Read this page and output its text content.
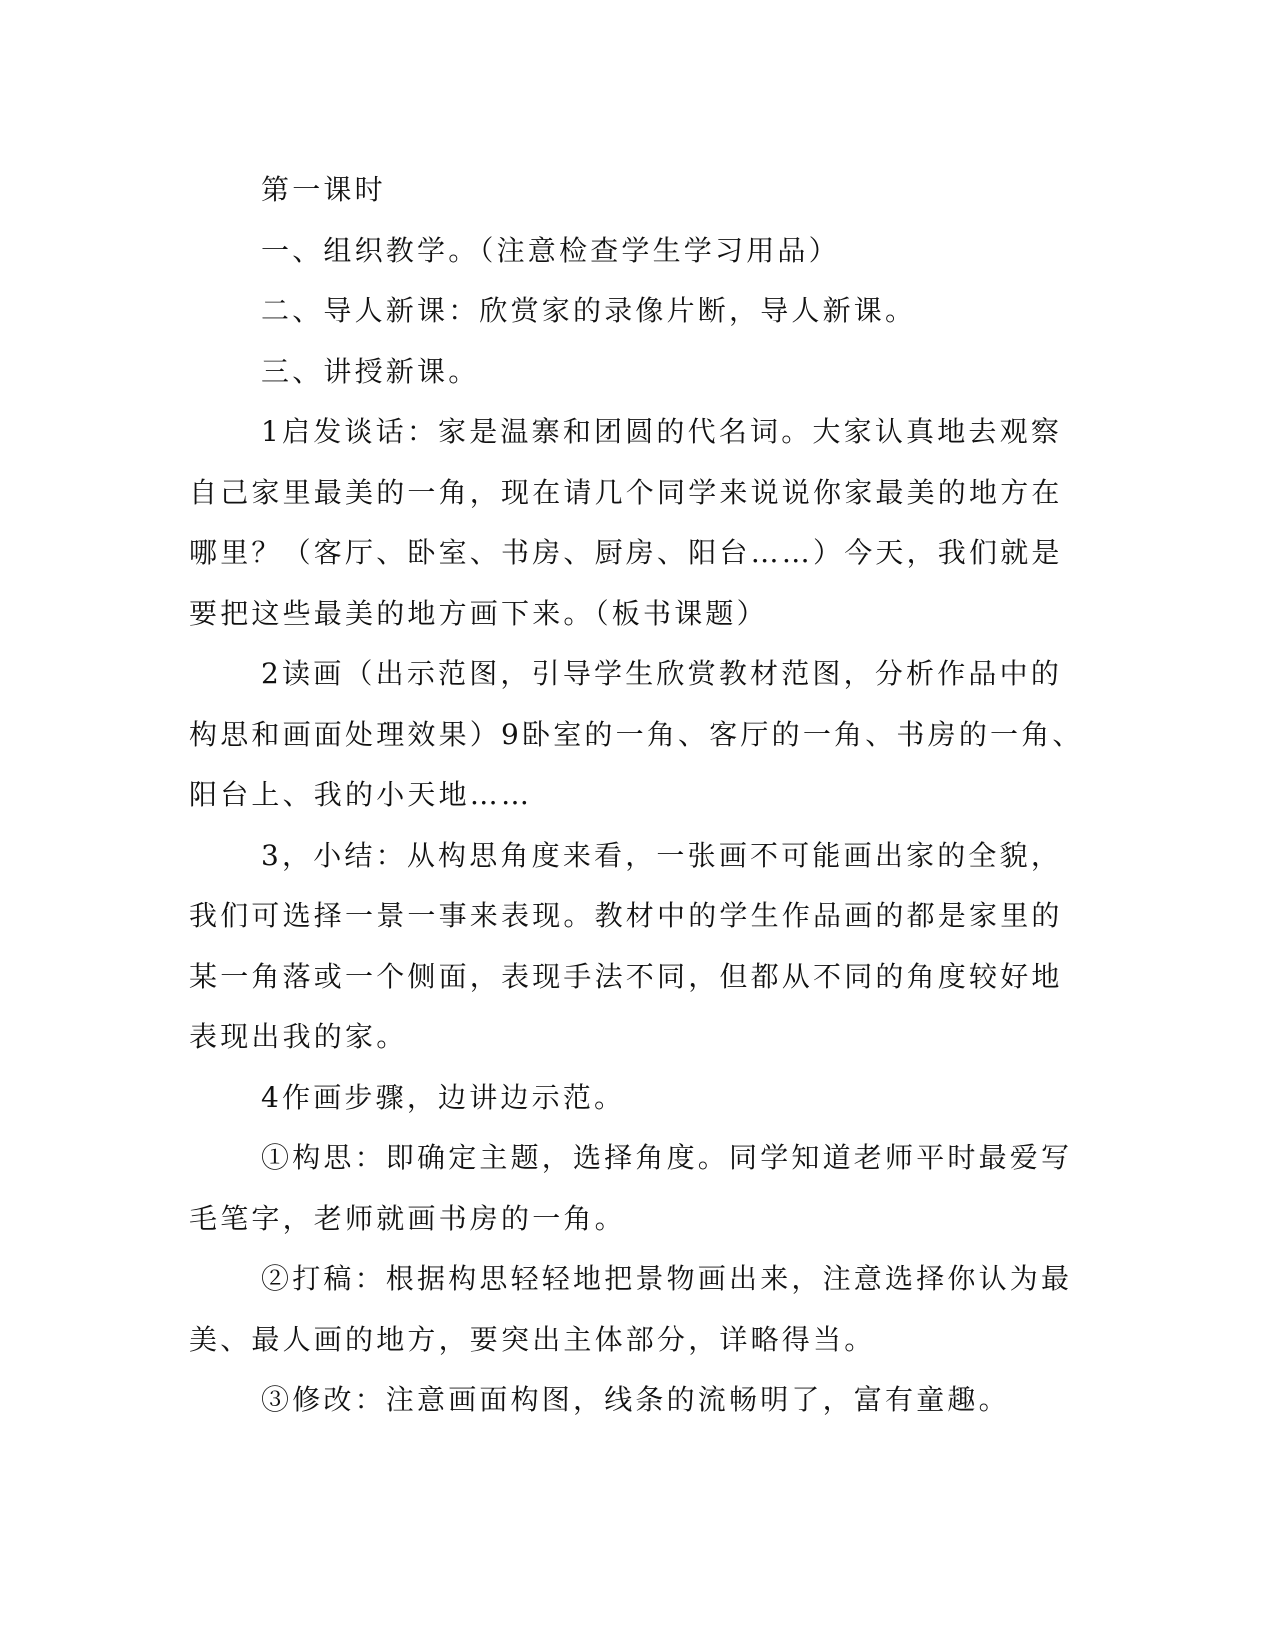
第一课时

一、组织教学。（注意检查学生学习用品）

二、导人新课：欣赏家的录像片断，导人新课。

三、讲授新课。

1启发谈话：家是温寨和团圆的代名词。大家认真地去观察自己家里最美的一角，现在请几个同学来说说你家最美的地方在哪里？（客厅、卧室、书房、厨房、阳台……）今天，我们就是要把这些最美的地方画下来。（板书课题）

2读画（出示范图，引导学生欣赏教材范图，分析作品中的构思和画面处理效果）9卧室的一角、客厅的一角、书房的一角、阳台上、我的小天地……

3，小结：从构思角度来看，一张画不可能画出家的全貌，我们可选择一景一事来表现。教材中的学生作品画的都是家里的某一角落或一个侧面，表现手法不同，但都从不同的角度较好地表现出我的家。

4作画步骤，边讲边示范。

①构思：即确定主题，选择角度。同学知道老师平时最爱写毛笔字，老师就画书房的一角。

②打稿：根据构思轻轻地把景物画出来，注意选择你认为最美、最人画的地方，要突出主体部分，详略得当。

③修改：注意画面构图，线条的流畅明了，富有童趣。
